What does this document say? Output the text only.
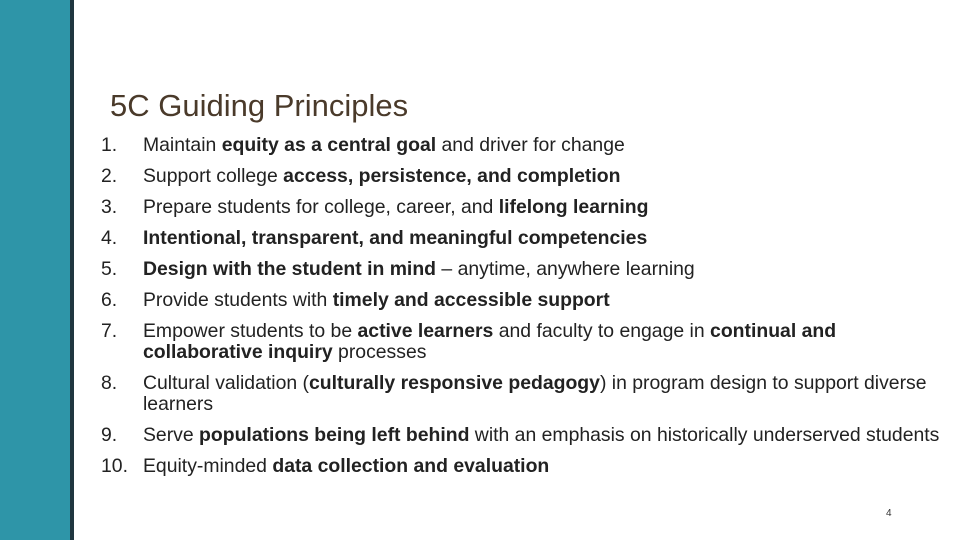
5C Guiding Principles
1. Maintain equity as a central goal and driver for change
2. Support college access, persistence, and completion
3. Prepare students for college, career, and lifelong learning
4. Intentional, transparent, and meaningful competencies
5. Design with the student in mind – anytime, anywhere learning
6. Provide students with timely and accessible support
7. Empower students to be active learners and faculty to engage in continual and collaborative inquiry processes
8. Cultural validation (culturally responsive pedagogy) in program design to support diverse learners
9. Serve populations being left behind with an emphasis on historically underserved students
10. Equity-minded data collection and evaluation
4
